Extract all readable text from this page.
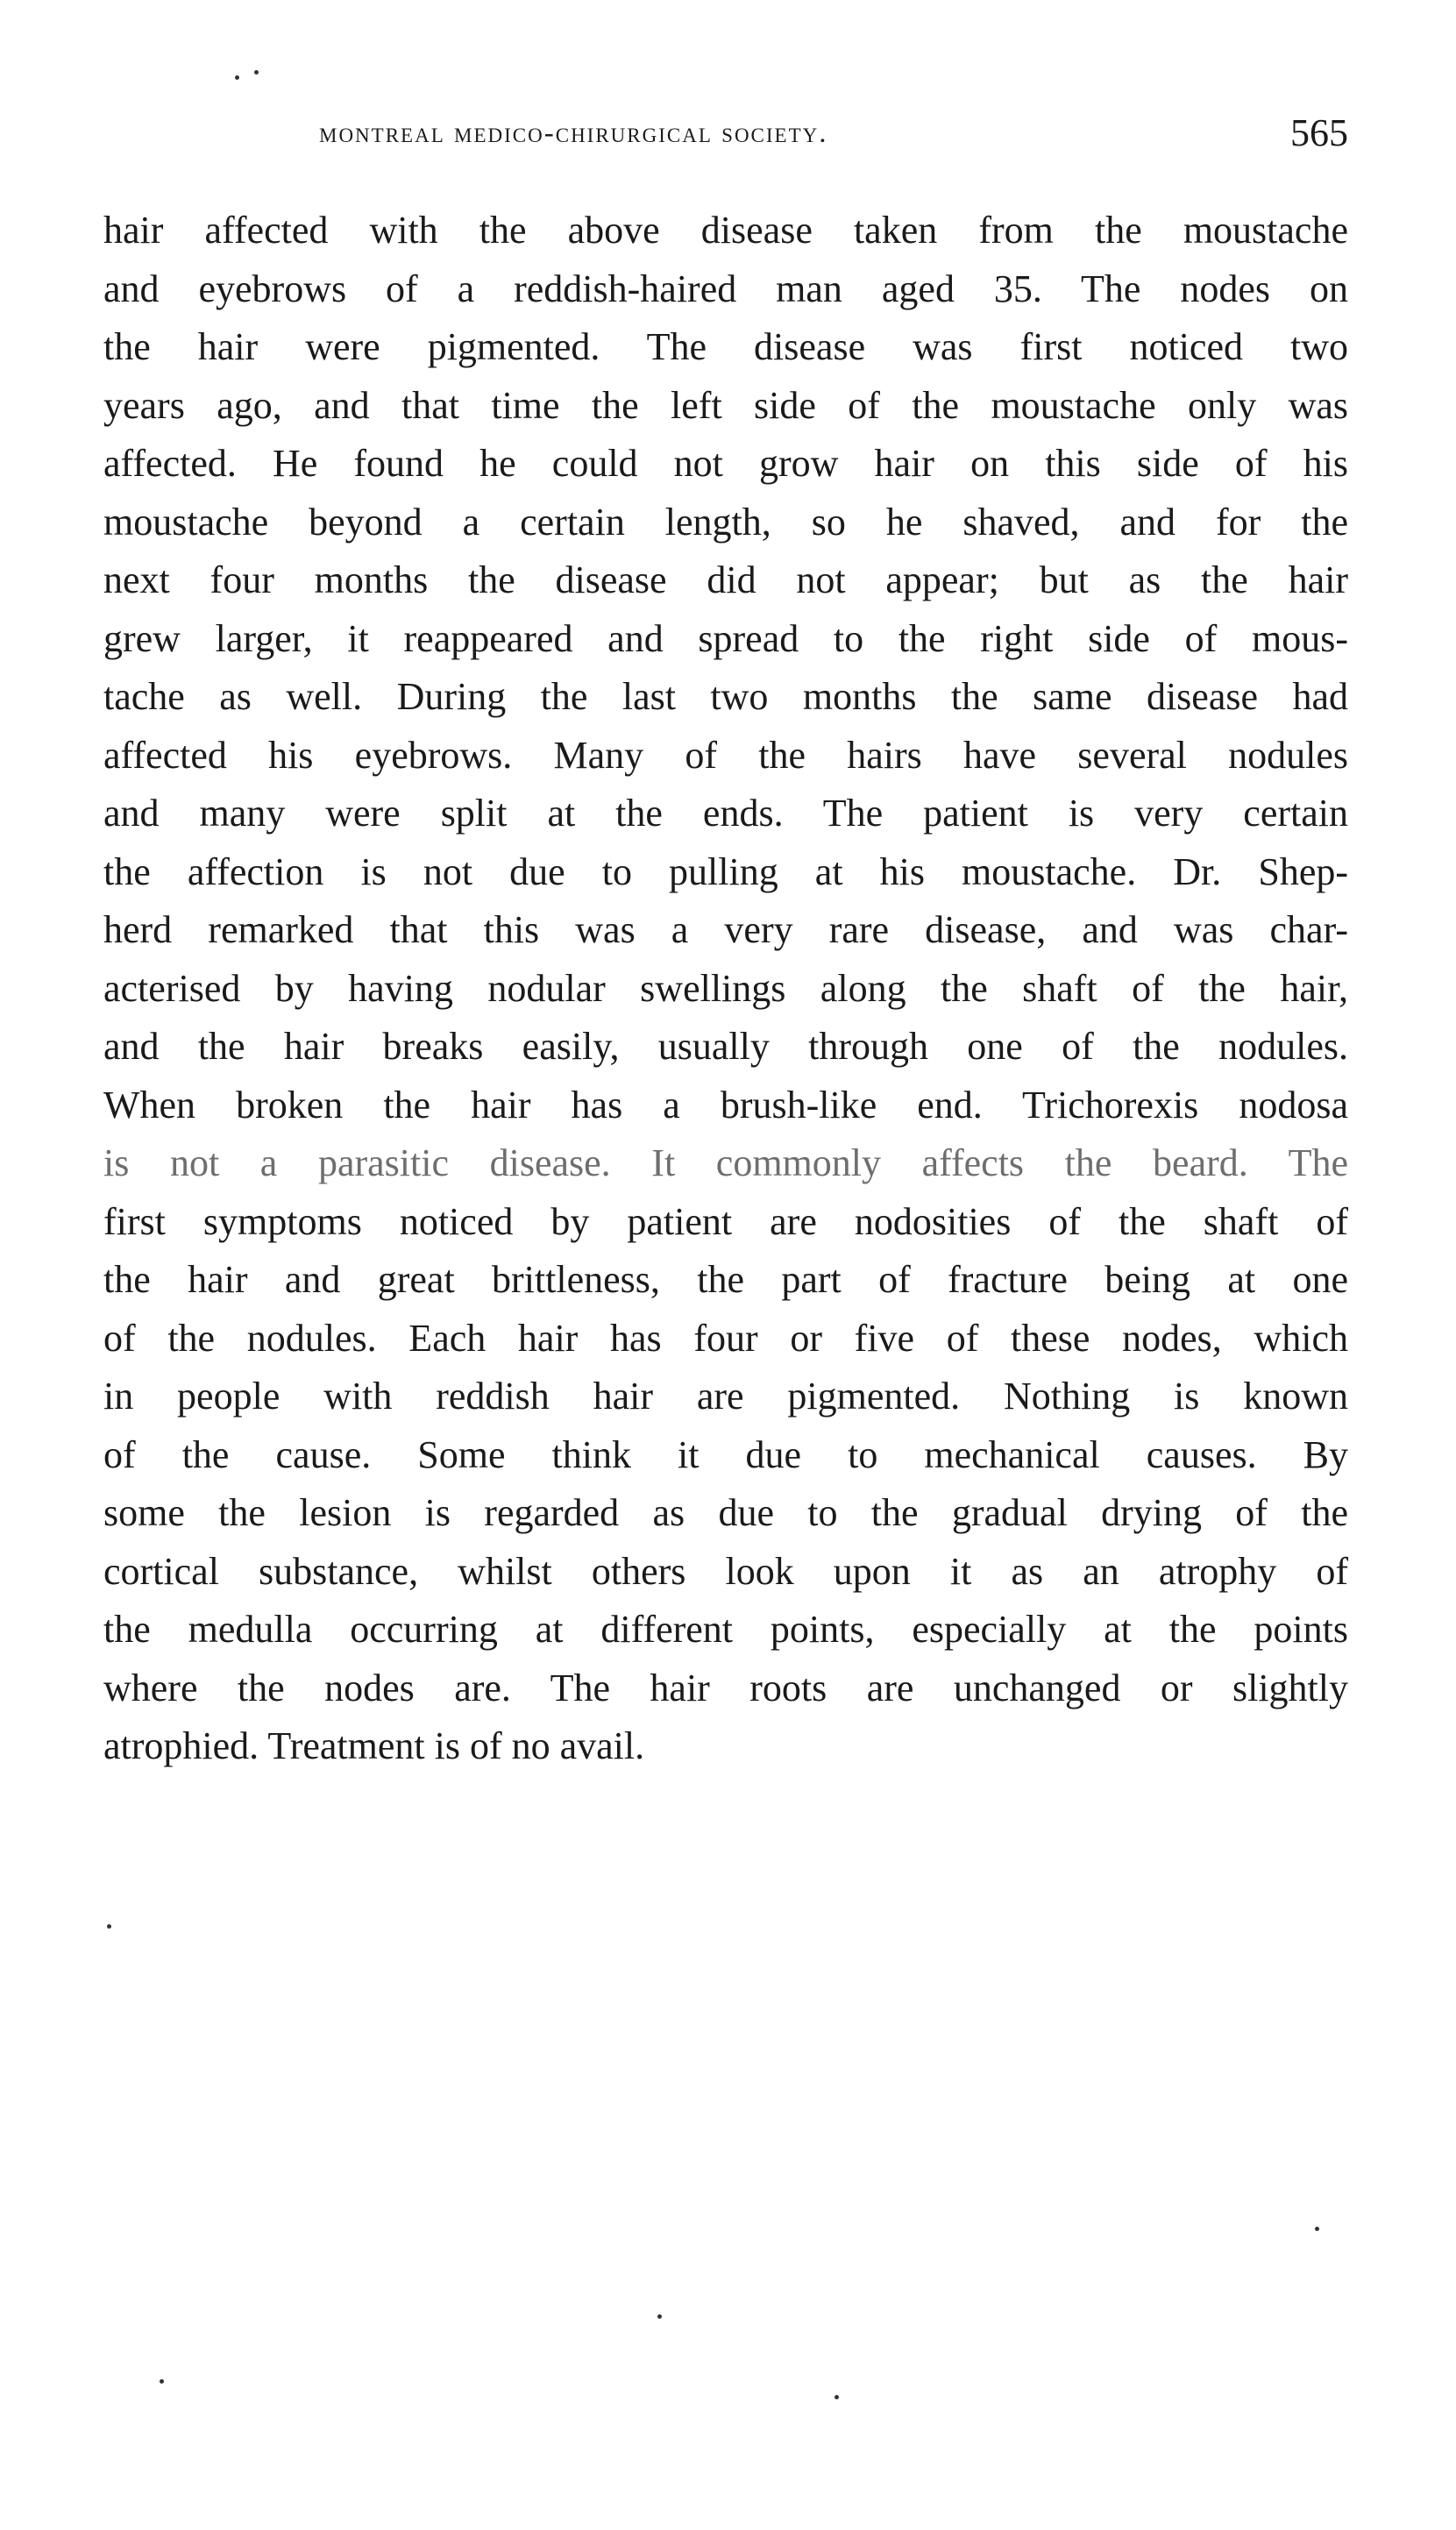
montreal medico-chirurgical society.	565
hair affected with the above disease taken from the moustache
and eyebrows of a reddish-haired man aged 35. The nodes on
the hair were pigmented. The disease was first noticed two
years ago, and that time the left side of the moustache only was
affected. He found he could not grow hair on this side of his
moustache beyond a certain length, so he shaved, and for the
next four months the disease did not appear; but as the hair
grew larger, it reappeared and spread to the right side of mous-
tache as well. During the last two months the same disease had
affected his eyebrows. Many of the hairs have several nodules
and many were split at the ends. The patient is very certain
the affection is not due to pulling at his moustache. Dr. Shep-
herd remarked that this was a very rare disease, and was char-
acterised by having nodular swellings along the shaft of the hair,
and the hair breaks easily, usually through one of the nodules.
When broken the hair has a brush-like end. Trichorexis nodosa
is not a parasitic disease. It commonly affects the beard. The
first symptoms noticed by patient are nodosities of the shaft of
the hair and great brittleness, the part of fracture being at one
of the nodules. Each hair has four or five of these nodes, which
in people with reddish hair are pigmented. Nothing is known
of the cause. Some think it due to mechanical causes. By
some the lesion is regarded as due to the gradual drying of the
cortical substance, whilst others look upon it as an atrophy of
the medulla occurring at different points, especially at the points
where the nodes are. The hair roots are unchanged or slightly
atrophied. Treatment is of no avail.
